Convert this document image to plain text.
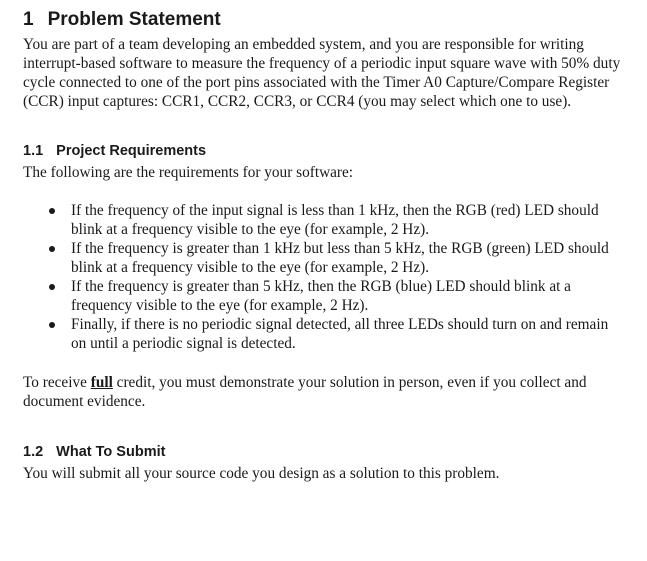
1 Problem Statement

You are part of a team developing an embedded system, and you are responsible for writing interrupt-based software to measure the frequency of a periodic input square wave with 50% duty cycle connected to one of the port pins associated with the Timer A0 Capture/Compare Register (CCR) input captures: CCR1, CCR2, CCR3, or CCR4 (you may select which one to use).

1.1 Project Requirements

The following are the requirements for your software:

If the frequency of the input signal is less than 1 kHz, then the RGB (red) LED should blink at a frequency visible to the eye (for example, 2 Hz).
If the frequency is greater than 1 kHz but less than 5 kHz, the RGB (green) LED should blink at a frequency visible to the eye (for example, 2 Hz).
If the frequency is greater than 5 kHz, then the RGB (blue) LED should blink at a frequency visible to the eye (for example, 2 Hz).
Finally, if there is no periodic signal detected, all three LEDs should turn on and remain on until a periodic signal is detected.

To receive full credit, you must demonstrate your solution in person, even if you collect and document evidence.

1.2 What To Submit

You will submit all your source code you design as a solution to this problem.
